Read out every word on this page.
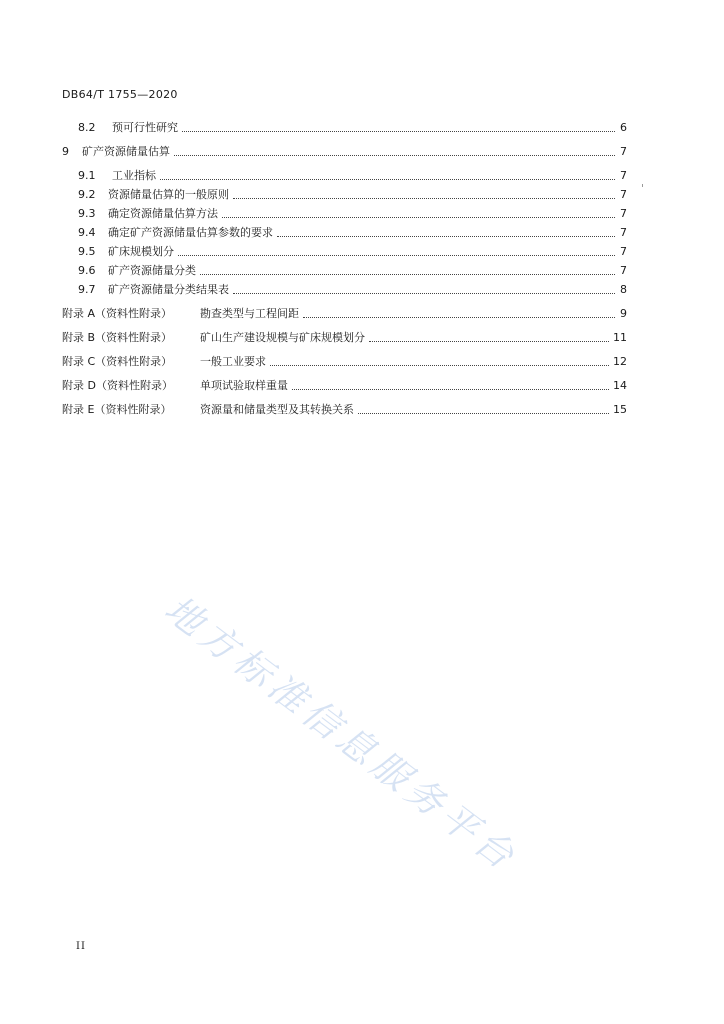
DB64/T 1755—2020
8.2	预可行性研究	6
9	矿产资源储量估算	7
9.1	工业指标	7
9.2	资源储量估算的一般原则	7
9.3	确定资源储量估算方法	7
9.4	确定矿产资源储量估算参数的要求	7
9.5	矿床规模划分	7
9.6	矿产资源储量分类	7
9.7	矿产资源储量分类结果表	8
附录 A（资料性附录）	勘查类型与工程间距	9
附录 B（资料性附录）	矿山生产建设规模与矿床规模划分	11
附录 C（资料性附录）	一般工业要求	12
附录 D（资料性附录）	单项试验取样重量	14
附录 E（资料性附录）	资源量和储量类型及其转换关系	15
地方标准信息服务平台
II
